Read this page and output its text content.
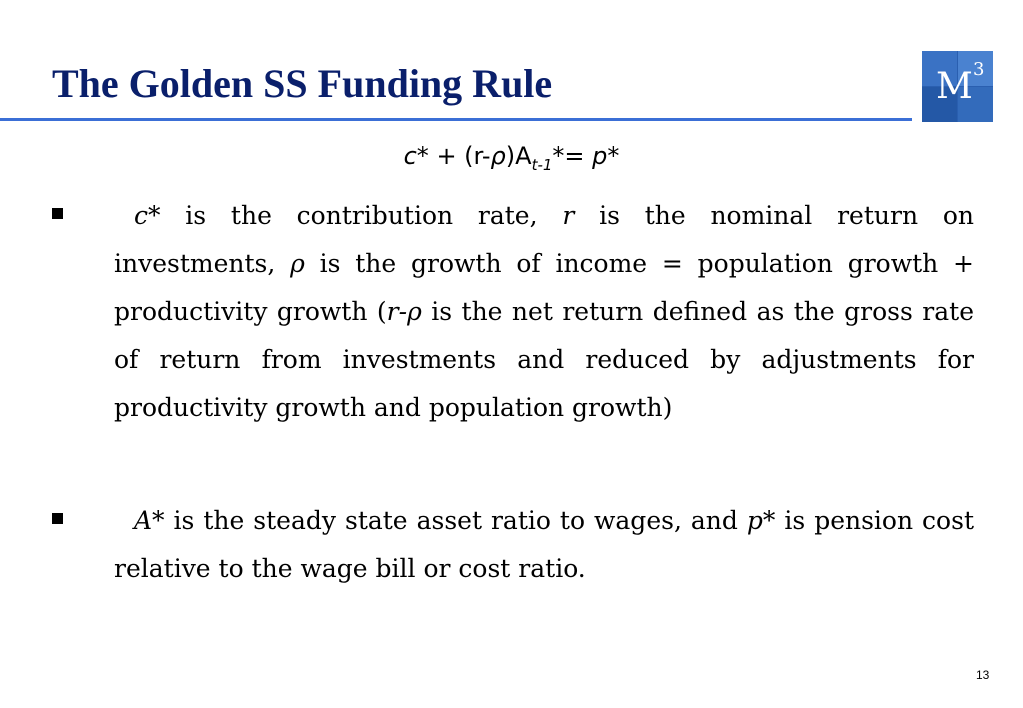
The Golden SS Funding Rule	M 3
$c* + (r-\rho)A_{t-1}*= p*$

c* is the contribution rate, r is the nominal return on investments, ρ is the growth of income = population growth + productivity growth (r-ρ is the net return defined as the gross rate of return from investments and reduced by adjustments for productivity growth and population growth)

A* is the steady state asset ratio to wages, and p* is pension cost relative to the wage bill or cost ratio.

13
